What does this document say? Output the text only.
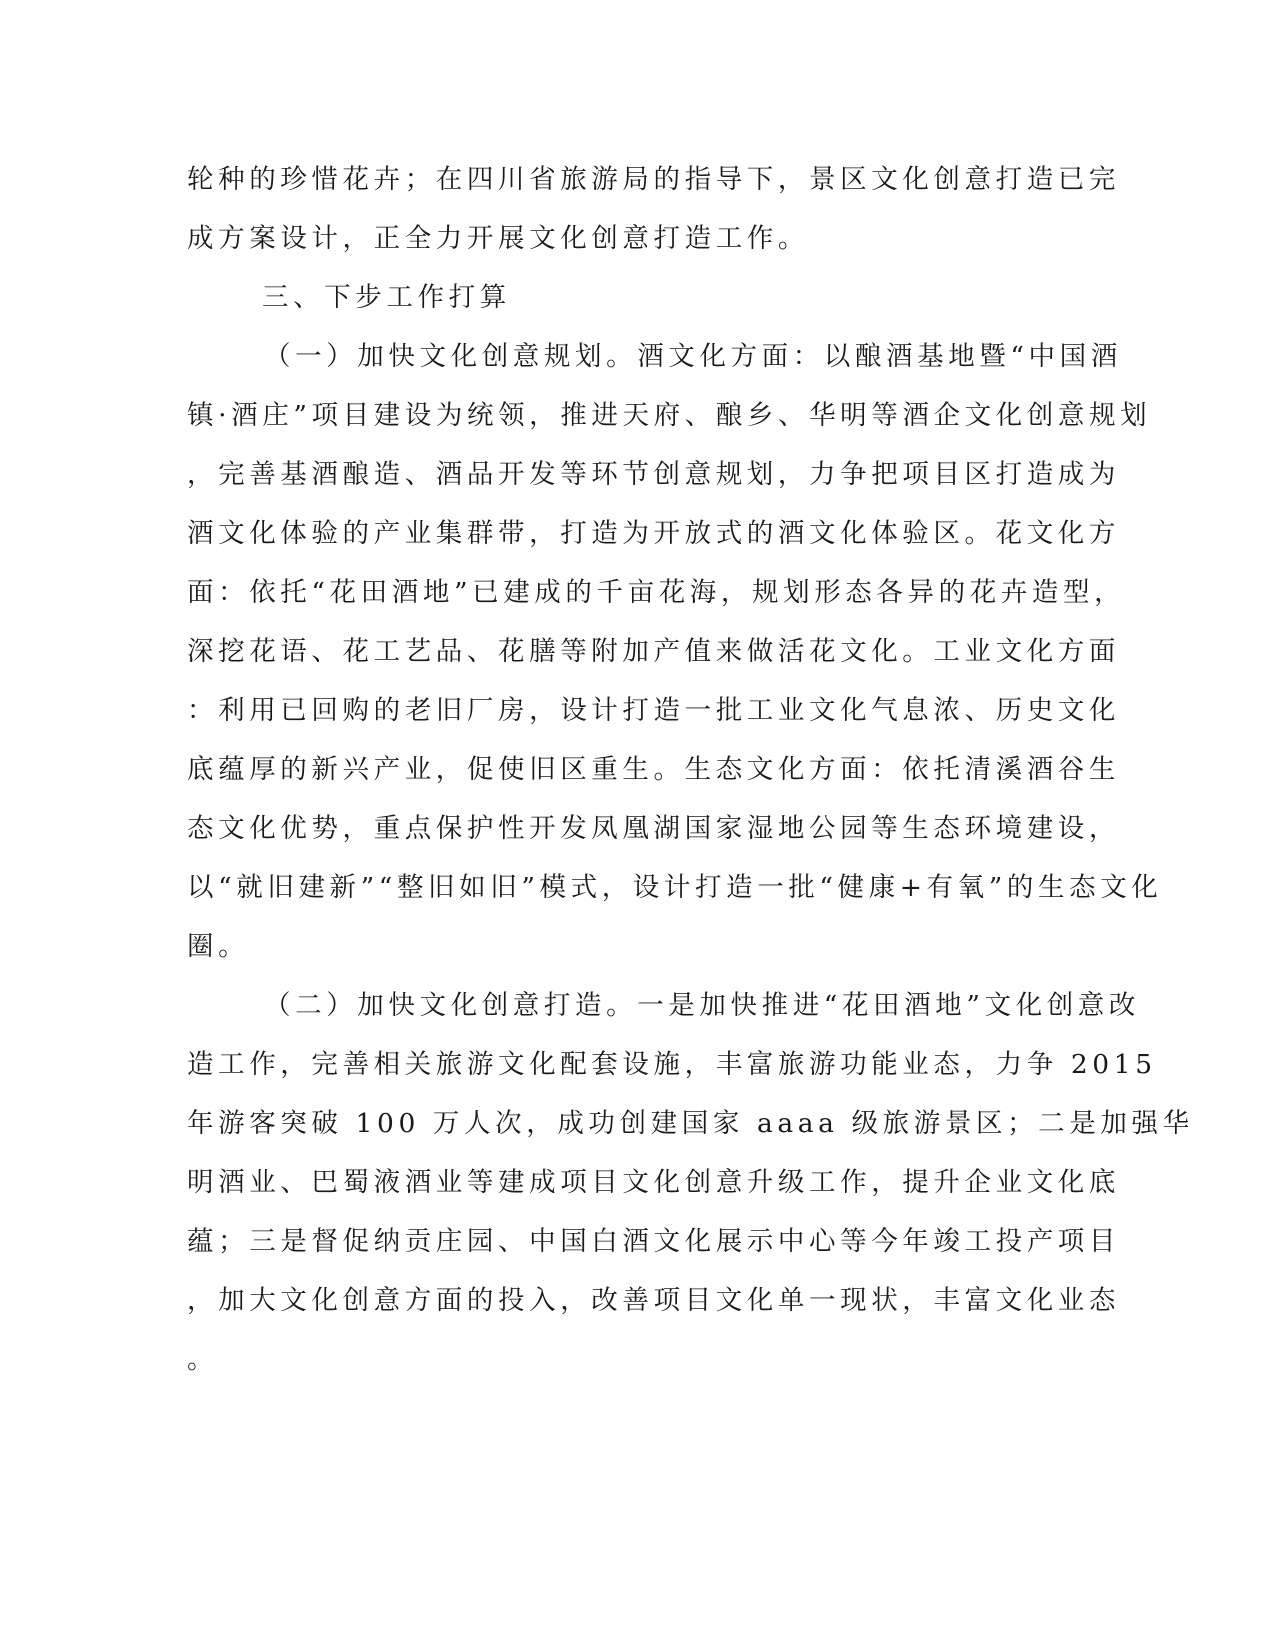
轮种的珍惜花卉；在四川省旅游局的指导下，景区文化创意打造已完
成方案设计，正全力开展文化创意打造工作。
三、下步工作打算
（一）加快文化创意规划。酒文化方面：以酿酒基地暨“中国酒
镇·酒庄”项目建设为统领，推进天府、酿乡、华明等酒企文化创意规划
，完善基酒酿造、酒品开发等环节创意规划，力争把项目区打造成为
酒文化体验的产业集群带，打造为开放式的酒文化体验区。花文化方
面：依托“花田酒地”已建成的千亩花海，规划形态各异的花卉造型，
深挖花语、花工艺品、花膳等附加产值来做活花文化。工业文化方面
：利用已回购的老旧厂房，设计打造一批工业文化气息浓、历史文化
底蕴厚的新兴产业，促使旧区重生。生态文化方面：依托清溪酒谷生
态文化优势，重点保护性开发凤凰湖国家湿地公园等生态环境建设，
以“就旧建新”“整旧如旧”模式，设计打造一批“健康+有氧”的生态文化
圈。
（二）加快文化创意打造。一是加快推进“花田酒地”文化创意改
造工作，完善相关旅游文化配套设施，丰富旅游功能业态，力争 2015
年游客突破 100 万人次，成功创建国家 aaaa 级旅游景区；二是加强华
明酒业、巴蜀液酒业等建成项目文化创意升级工作，提升企业文化底
蕴；三是督促纳贡庄园、中国白酒文化展示中心等今年竣工投产项目
，加大文化创意方面的投入，改善项目文化单一现状，丰富文化业态
。
